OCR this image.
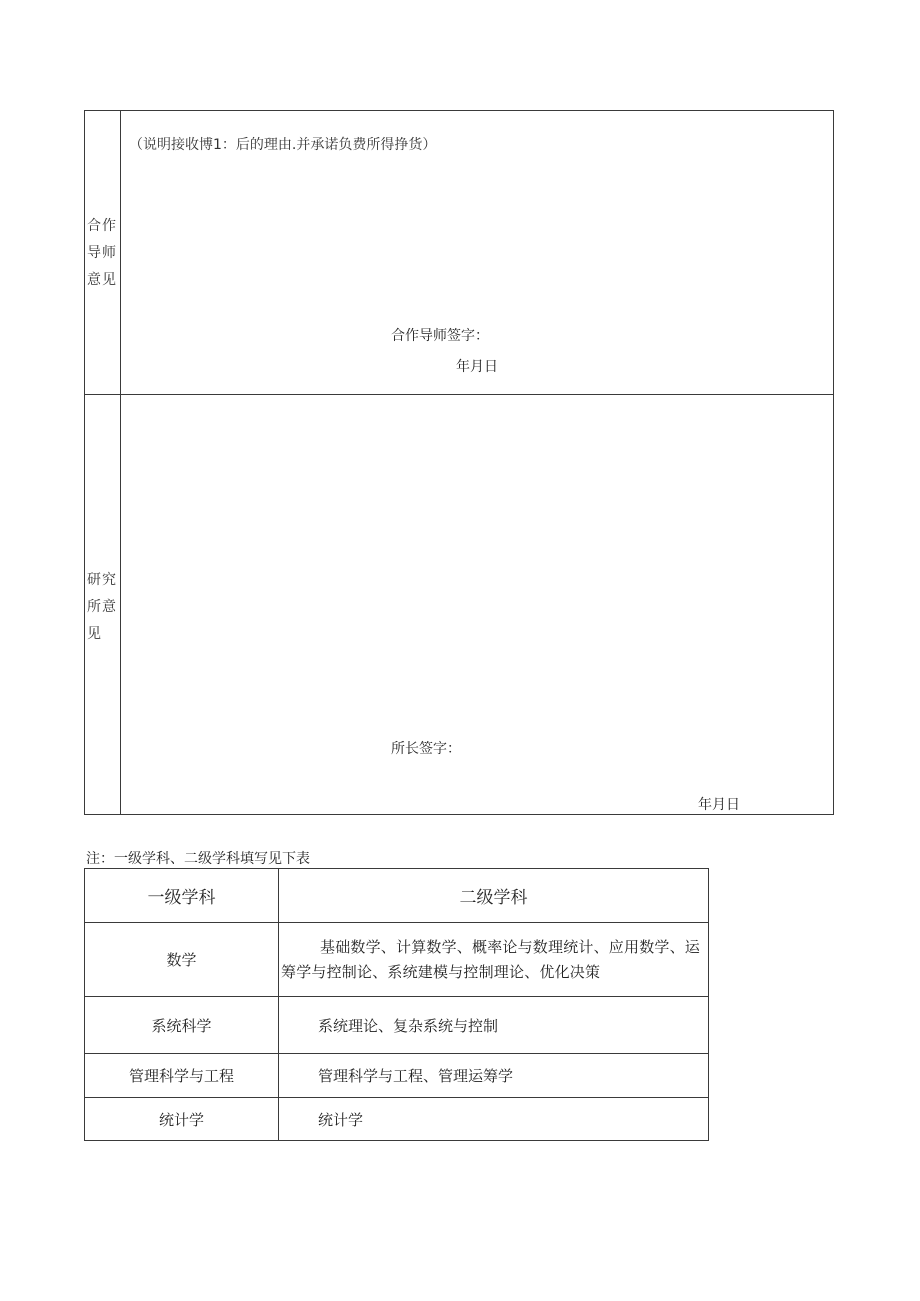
合作导师意见
（说明接收博1：后的理由.并承诺负费所得挣货）
合作导师签字：
年月日
研究所意见
所长签字：
年月日
注：一级学科、二级学科填写见下表
一级学科	二级学科
数学	基础数学、计算数学、概率论与数理统计、应用数学、运筹学与控制论、系统建模与控制理论、优化决策
系统科学	系统理论、复杂系统与控制
管理科学与工程	管理科学与工程、管理运筹学
统计学	统计学
